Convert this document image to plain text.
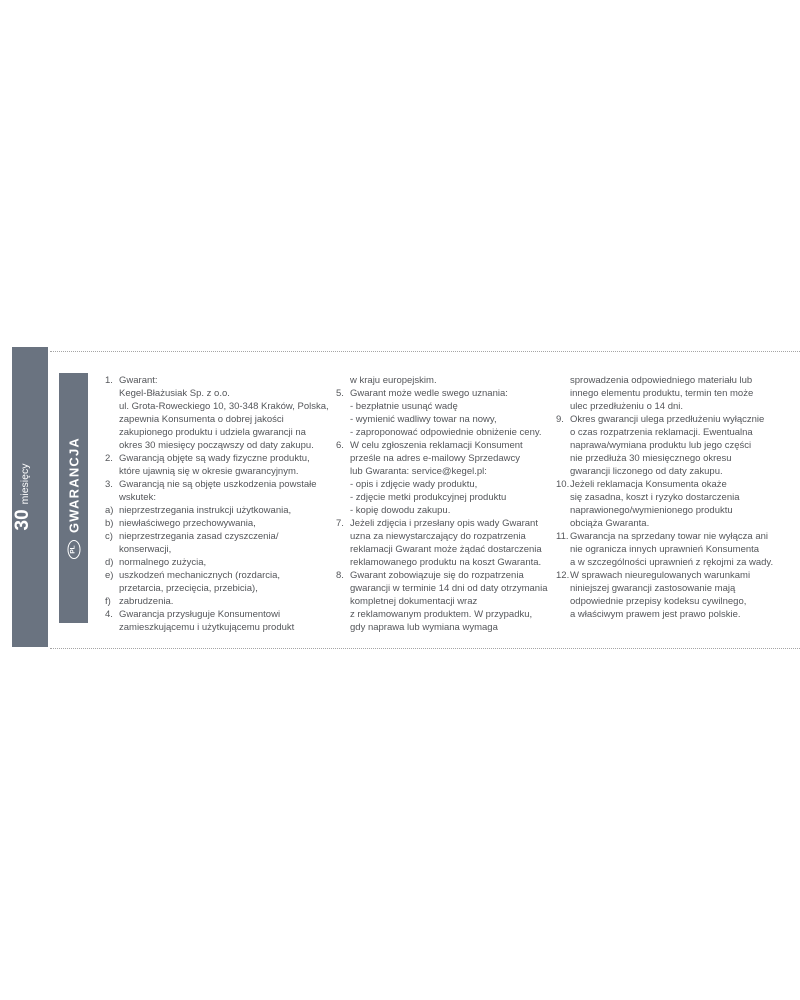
30
miesięcy
PL
GWARANCJA
1. Gwarant:
Kegel-Błażusiak Sp. z o.o.
ul. Grota-Roweckiego 10, 30-348 Kraków, Polska,
zapewnia Konsumenta o dobrej jakości
zakupionego produktu i udziela gwarancji na
okres 30 miesięcy począwszy od daty zakupu.
2. Gwarancją objęte są wady fizyczne produktu,
które ujawnią się w okresie gwarancyjnym.
3. Gwarancją nie są objęte uszkodzenia powstałe
wskutek:
a) nieprzestrzegania instrukcji użytkowania,
b) niewłaściwego przechowywania,
c) nieprzestrzegania zasad czyszczenia/
konserwacji,
d) normalnego zużycia,
e) uszkodzeń mechanicznych (rozdarcia,
przetarcia, przecięcia, przebicia),
f) zabrudzenia.
4. Gwarancja przysługuje Konsumentowi
zamieszkującemu i użytkującemu produkt
w kraju europejskim.
5. Gwarant może wedle swego uznania:
- bezpłatnie usunąć wadę
- wymienić wadliwy towar na nowy,
- zaproponować odpowiednie obniżenie ceny.
6. W celu zgłoszenia reklamacji Konsument
prześle na adres e-mailowy Sprzedawcy
lub Gwaranta: service@kegel.pl:
- opis i zdjęcie wady produktu,
- zdjęcie metki produkcyjnej produktu
- kopię dowodu zakupu.
7. Jeżeli zdjęcia i przesłany opis wady Gwarant
uzna za niewystarczający do rozpatrzenia
reklamacji Gwarant może żądać dostarczenia
reklamowanego produktu na koszt Gwaranta.
8. Gwarant zobowiązuje się do rozpatrzenia
gwarancji w terminie 14 dni od daty otrzymania
kompletnej dokumentacji wraz
z reklamowanym produktem. W przypadku,
gdy naprawa lub wymiana wymaga
sprowadzenia odpowiedniego materiału lub
innego elementu produktu, termin ten może
ulec przedłużeniu o 14 dni.
9. Okres gwarancji ulega przedłużeniu wyłącznie
o czas rozpatrzenia reklamacji. Ewentualna
naprawa/wymiana produktu lub jego części
nie przedłuża 30 miesięcznego okresu
gwarancji liczonego od daty zakupu.
10. Jeżeli reklamacja Konsumenta okaże
się zasadna, koszt i ryzyko dostarczenia
naprawionego/wymienionego produktu
obciąża Gwaranta.
11. Gwarancja na sprzedany towar nie wyłącza ani
nie ogranicza innych uprawnień Konsumenta
a w szczególności uprawnień z rękojmi za wady.
12. W sprawach nieuregulowanych warunkami
niniejszej gwarancji zastosowanie mają
odpowiednie przepisy kodeksu cywilnego,
a właściwym prawem jest prawo polskie.
